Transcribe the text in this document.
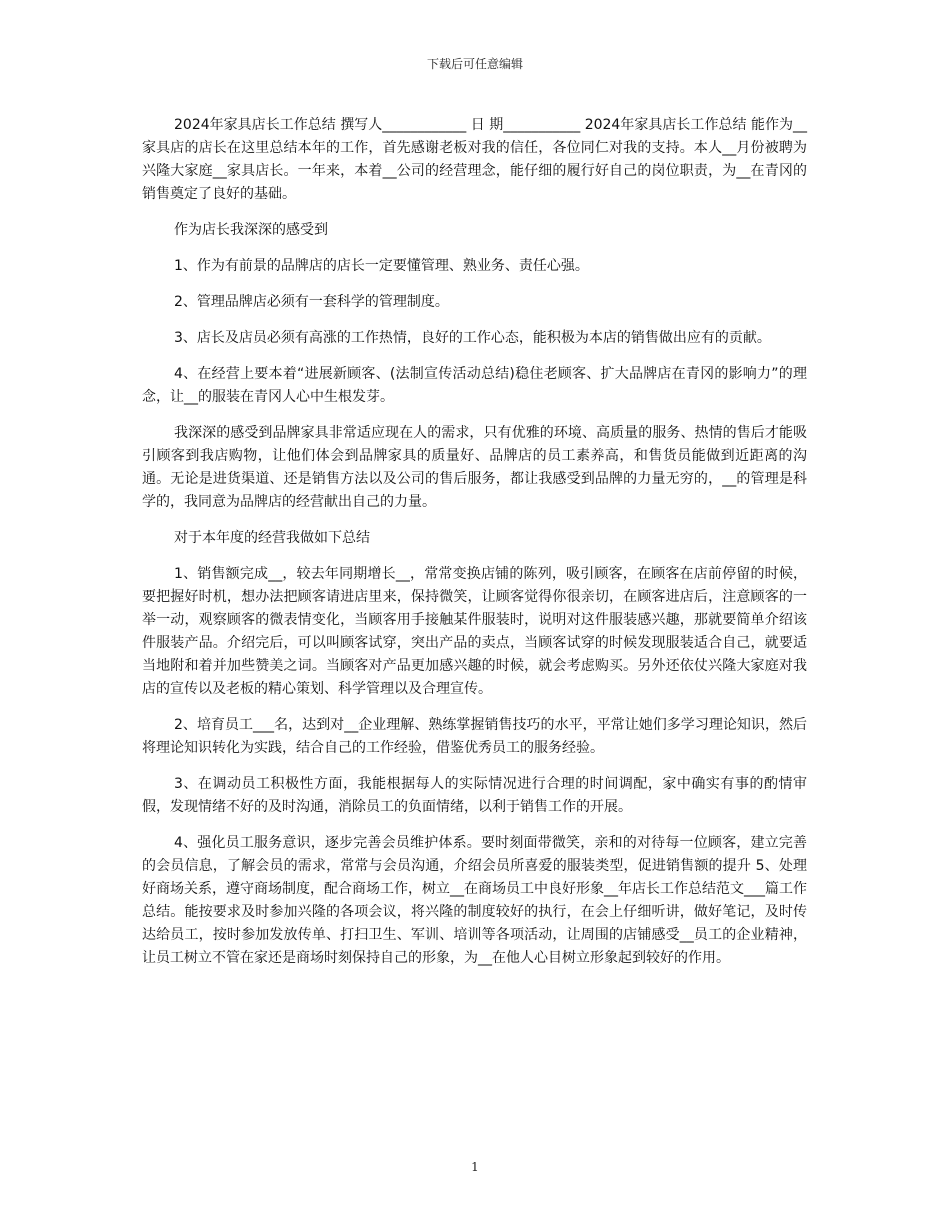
下载后可任意编辑

2024年家具店长工作总结 撰写人____________ 日 期___________ 2024年家具店长工作总结 能作为__家具店的店长在这里总结本年的工作，首先感谢老板对我的信任，各位同仁对我的支持。本人__月份被聘为兴隆大家庭__家具店长。一年来，本着__公司的经营理念，能仔细的履行好自己的岗位职责，为__在青冈的销售奠定了良好的基础。

作为店长我深深的感受到

1、作为有前景的品牌店的店长一定要懂管理、熟业务、责任心强。

2、管理品牌店必须有一套科学的管理制度。

3、店长及店员必须有高涨的工作热情，良好的工作心态，能积极为本店的销售做出应有的贡献。

4、在经营上要本着“进展新顾客、(法制宣传活动总结)稳住老顾客、扩大品牌店在青冈的影响力”的理念，让__的服装在青冈人心中生根发芽。

我深深的感受到品牌家具非常适应现在人的需求，只有优雅的环境、高质量的服务、热情的售后才能吸引顾客到我店购物，让他们体会到品牌家具的质量好、品牌店的员工素养高，和售货员能做到近距离的沟通。无论是进货渠道、还是销售方法以及公司的售后服务，都让我感受到品牌的力量无穷的，__的管理是科学的，我同意为品牌店的经营献出自己的力量。

对于本年度的经营我做如下总结

1、销售额完成__，较去年同期增长__，常常变换店铺的陈列，吸引顾客，在顾客在店前停留的时候，要把握好时机，想办法把顾客请进店里来，保持微笑，让顾客觉得你很亲切，在顾客进店后，注意顾客的一举一动，观察顾客的微表情变化，当顾客用手接触某件服装时，说明对这件服装感兴趣，那就要简单介绍该件服装产品。介绍完后，可以叫顾客试穿，突出产品的卖点，当顾客试穿的时候发现服装适合自己，就要适当地附和着并加些赞美之词。当顾客对产品更加感兴趣的时候，就会考虑购买。另外还依仗兴隆大家庭对我店的宣传以及老板的精心策划、科学管理以及合理宣传。

2、培育员工___名，达到对__企业理解、熟练掌握销售技巧的水平，平常让她们多学习理论知识，然后将理论知识转化为实践，结合自己的工作经验，借鉴优秀员工的服务经验。

3、在调动员工积极性方面，我能根据每人的实际情况进行合理的时间调配，家中确实有事的酌情审假，发现情绪不好的及时沟通，消除员工的负面情绪，以利于销售工作的开展。

4、强化员工服务意识，逐步完善会员维护体系。要时刻面带微笑，亲和的对待每一位顾客，建立完善的会员信息，了解会员的需求，常常与会员沟通，介绍会员所喜爱的服装类型，促进销售额的提升 5、处理好商场关系，遵守商场制度，配合商场工作，树立__在商场员工中良好形象__年店长工作总结范文___篇工作总结。能按要求及时参加兴隆的各项会议，将兴隆的制度较好的执行，在会上仔细听讲，做好笔记，及时传达给员工，按时参加发放传单、打扫卫生、军训、培训等各项活动，让周围的店铺感受__员工的企业精神，让员工树立不管在家还是商场时刻保持自己的形象，为__在他人心目树立形象起到较好的作用。

1
